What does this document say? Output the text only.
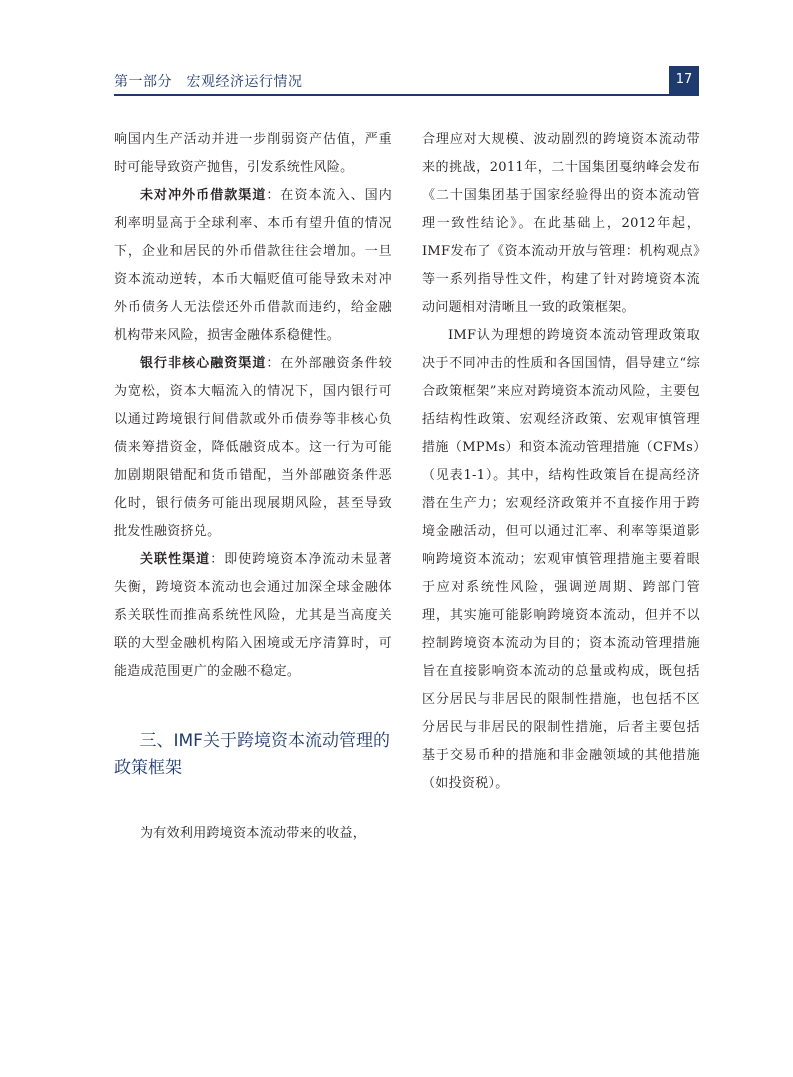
第一部分　宏观经济运行情况	17

响国内生产活动并进一步削弱资产估值，严重时可能导致资产抛售，引发系统性风险。

未对冲外币借款渠道：在资本流入、国内利率明显高于全球利率、本币有望升值的情况下，企业和居民的外币借款往往会增加。一旦资本流动逆转，本币大幅贬值可能导致未对冲外币债务人无法偿还外币借款而违约，给金融机构带来风险，损害金融体系稳健性。

银行非核心融资渠道：在外部融资条件较为宽松，资本大幅流入的情况下，国内银行可以通过跨境银行间借款或外币债券等非核心负债来筹措资金，降低融资成本。这一行为可能加剧期限错配和货币错配，当外部融资条件恶化时，银行债务可能出现展期风险，甚至导致批发性融资挤兑。

关联性渠道：即使跨境资本净流动未显著失衡，跨境资本流动也会通过加深全球金融体系关联性而推高系统性风险，尤其是当高度关联的大型金融机构陷入困境或无序清算时，可能造成范围更广的金融不稳定。

三、IMF关于跨境资本流动管理的政策框架

为有效利用跨境资本流动带来的收益，

合理应对大规模、波动剧烈的跨境资本流动带来的挑战，2011年，二十国集团戛纳峰会发布《二十国集团基于国家经验得出的资本流动管理一致性结论》。在此基础上，2012年起，IMF发布了《资本流动开放与管理：机构观点》等一系列指导性文件，构建了针对跨境资本流动问题相对清晰且一致的政策框架。

IMF认为理想的跨境资本流动管理政策取决于不同冲击的性质和各国国情，倡导建立“综合政策框架”来应对跨境资本流动风险，主要包括结构性政策、宏观经济政策、宏观审慎管理措施（MPMs）和资本流动管理措施（CFMs）（见表1-1）。其中，结构性政策旨在提高经济潜在生产力；宏观经济政策并不直接作用于跨境金融活动，但可以通过汇率、利率等渠道影响跨境资本流动；宏观审慎管理措施主要着眼于应对系统性风险，强调逆周期、跨部门管理，其实施可能影响跨境资本流动，但并不以控制跨境资本流动为目的；资本流动管理措施旨在直接影响资本流动的总量或构成，既包括区分居民与非居民的限制性措施，也包括不区分居民与非居民的限制性措施，后者主要包括基于交易币种的措施和非金融领域的其他措施（如投资税）。
